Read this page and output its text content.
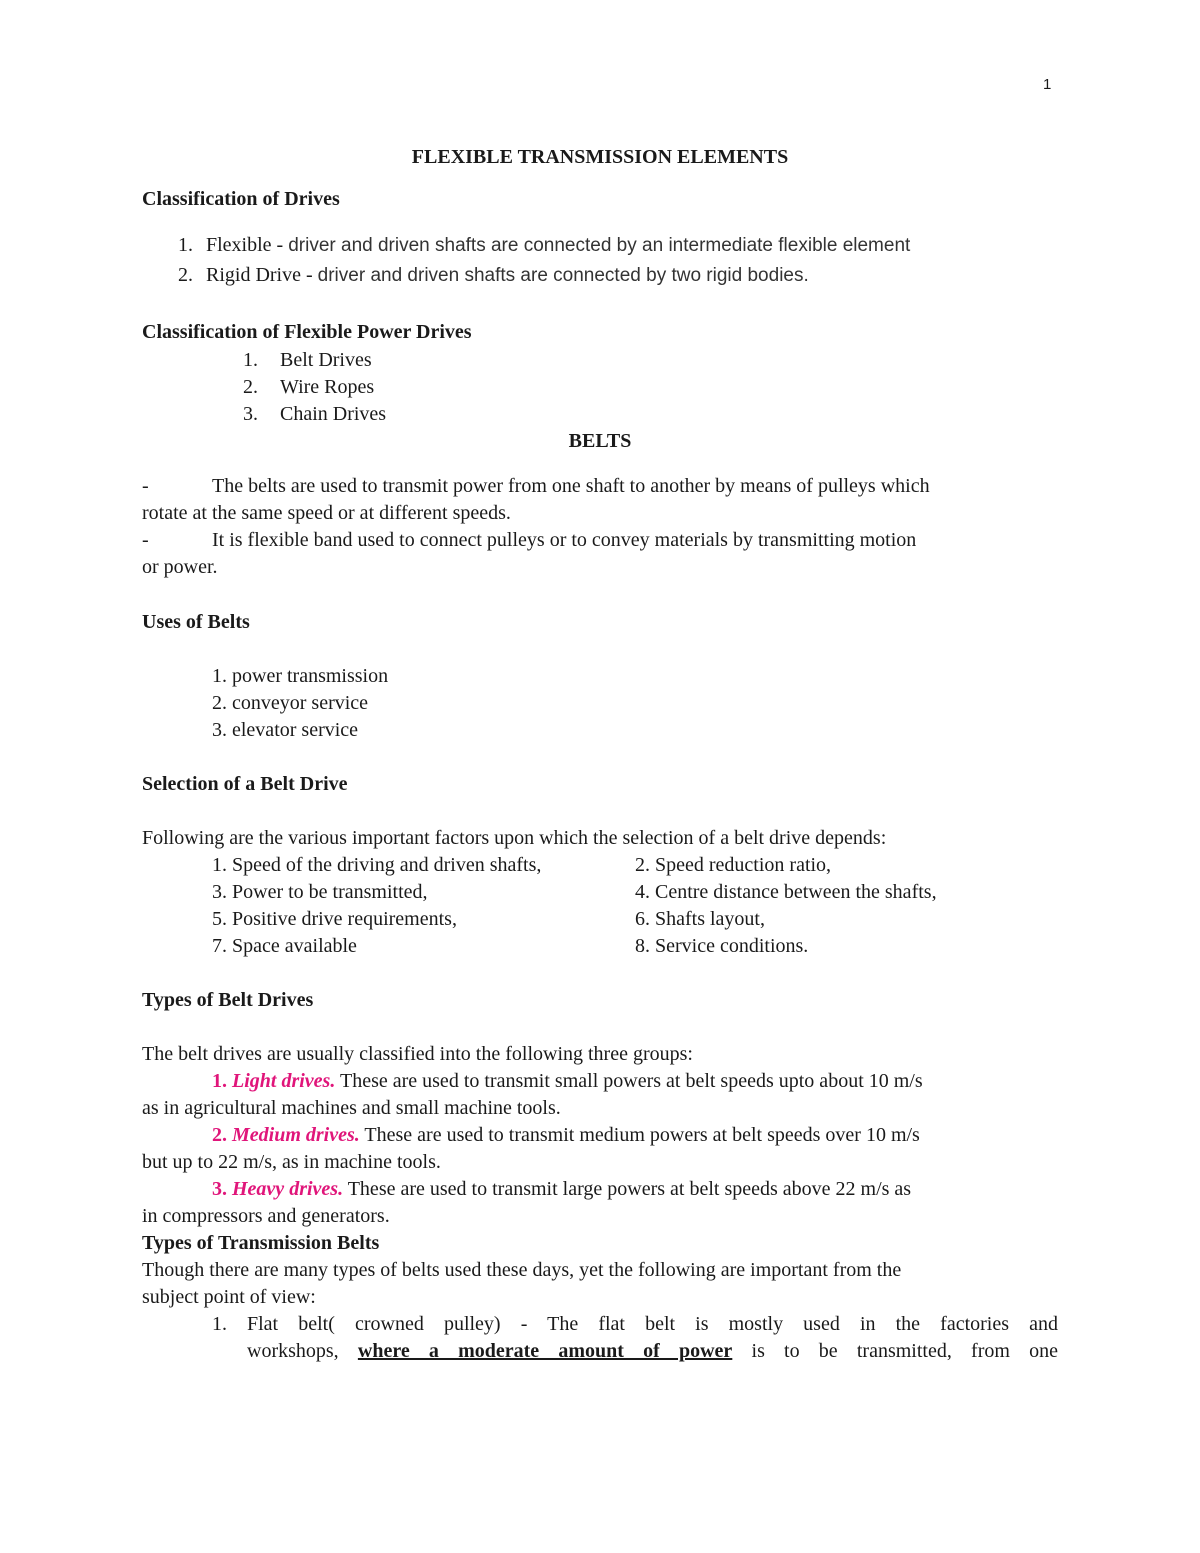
1
FLEXIBLE TRANSMISSION ELEMENTS
Classification of Drives
1. Flexible - driver and driven shafts are connected by an intermediate flexible element
2. Rigid Drive - driver and driven shafts are connected by two rigid bodies.
Classification of Flexible Power Drives
1. Belt Drives
2. Wire Ropes
3. Chain Drives
BELTS
-	The belts are used to transmit power from one shaft to another by means of pulleys which
rotate at the same speed or at different speeds.
-	It is flexible band used to connect pulleys or to convey materials by transmitting motion
or power.
Uses of Belts
1. power transmission
2. conveyor service
3. elevator service
Selection of a Belt Drive
Following are the various important factors upon which the selection of a belt drive depends:
1. Speed of the driving and driven shafts,	2. Speed reduction ratio,
3. Power to be transmitted,	4. Centre distance between the shafts,
5. Positive drive requirements,	6. Shafts layout,
7. Space available	8. Service conditions.
Types of Belt Drives
The belt drives are usually classified into the following three groups:
1. Light drives. These are used to transmit small powers at belt speeds upto about 10 m/s
as in agricultural machines and small machine tools.
2. Medium drives. These are used to transmit medium powers at belt speeds over 10 m/s
but up to 22 m/s, as in machine tools.
3. Heavy drives. These are used to transmit large powers at belt speeds above 22 m/s as
in compressors and generators.
Types of Transmission Belts
Though there are many types of belts used these days, yet the following are important from the
subject point of view:
1. Flat belt( crowned pulley) - The flat belt is mostly used in the factories and
workshops, where a moderate amount of power is to be transmitted, from one
